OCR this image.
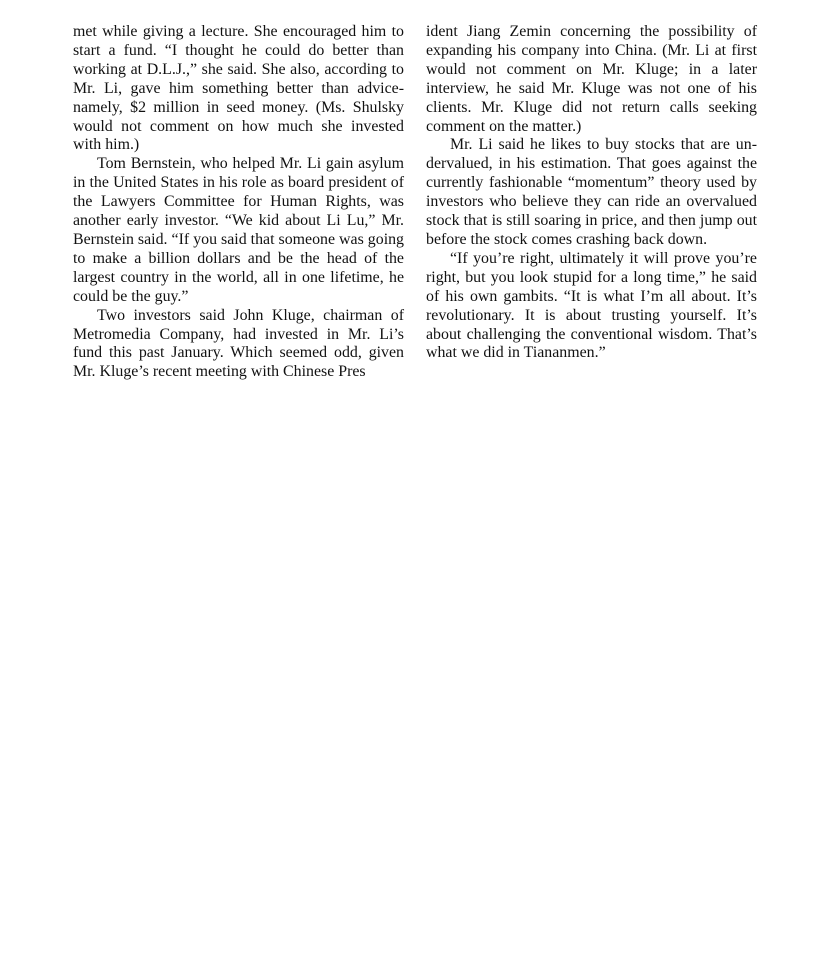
met while giving a lecture. She encouraged him to start a fund. “I thought he could do better than working at D.L.J.,” she said. She also, according to Mr. Li, gave him something better than advice-namely, $2 million in seed money. (Ms. Shulsky would not comment on how much she invested with him.)

Tom Bernstein, who helped Mr. Li gain asylum in the United States in his role as board president of the Lawyers Committee for Human Rights, was another early investor. “We kid about Li Lu,” Mr. Bernstein said. “If you said that someone was going to make a billion dollars and be the head of the largest country in the world, all in one lifetime, he could be the guy.”

Two investors said John Kluge, chairman of Metromedia Company, had invested in Mr. Li’s fund this past January. Which seemed odd, given Mr. Kluge’s recent meeting with Chinese Pres

ident Jiang Zemin concerning the possibility of expanding his company into China. (Mr. Li at first would not comment on Mr. Kluge; in a later interview, he said Mr. Kluge was not one of his clients. Mr. Kluge did not return calls seeking comment on the matter.)

Mr. Li said he likes to buy stocks that are undervalued, in his estimation. That goes against the currently fashionable “momentum” theory used by investors who believe they can ride an overvalued stock that is still soaring in price, and then jump out before the stock comes crashing back down.

“If you’re right, ultimately it will prove you’re right, but you look stupid for a long time,” he said of his own gambits. “It is what I’m all about. It’s revolutionary. It is about trusting yourself. It’s about challenging the conventional wisdom. That’s what we did in Tiananmen.”
